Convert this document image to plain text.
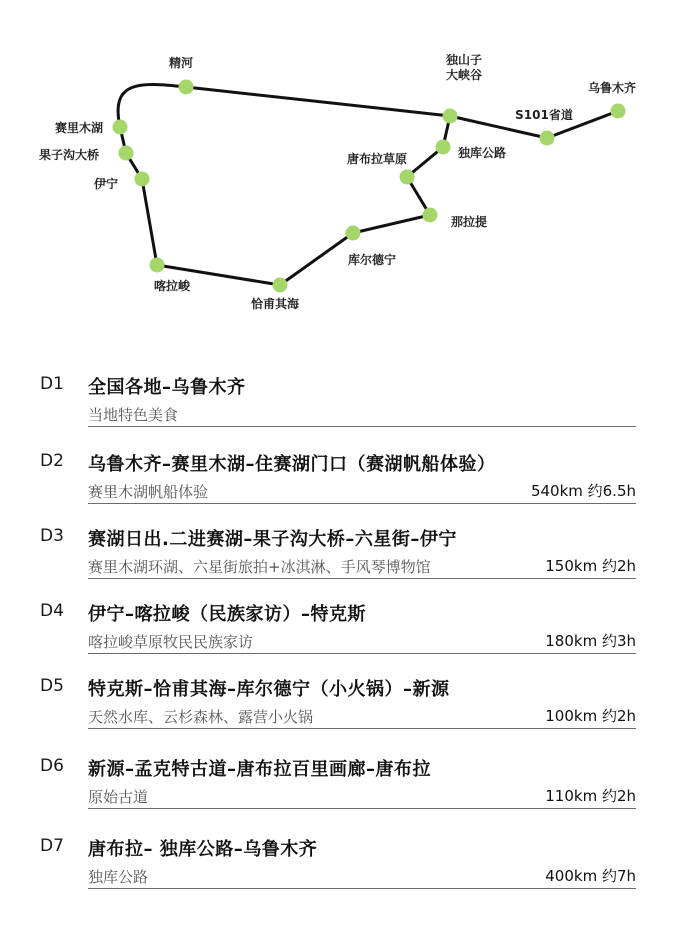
精河	独山子大峡谷
S101省道
乌鲁木齐
独库公路
唐布拉草原
那拉提
库尔德宁
恰甫其海
喀拉峻
伊宁
果子沟大桥
赛里木湖
D1 全国各地–乌鲁木齐
当地特色美食
D2 乌鲁木齐–赛里木湖–住赛湖门口（赛湖帆船体验）
赛里木湖帆船体验	540km 约6.5h
D3 赛湖日出.二进赛湖–果子沟大桥–六星街–伊宁
赛里木湖环湖、六星街旅拍+冰淇淋、手风琴博物馆	150km 约2h
D4 伊宁–喀拉峻（民族家访）–特克斯
喀拉峻草原牧民民族家访	180km 约3h
D5 特克斯–恰甫其海–库尔德宁（小火锅）–新源
天然水库、云杉森林、露营小火锅	100km 约2h
D6 新源–孟克特古道–唐布拉百里画廊–唐布拉
原始古道	110km 约2h
D7 唐布拉– 独库公路–乌鲁木齐
独库公路	400km 约7h
